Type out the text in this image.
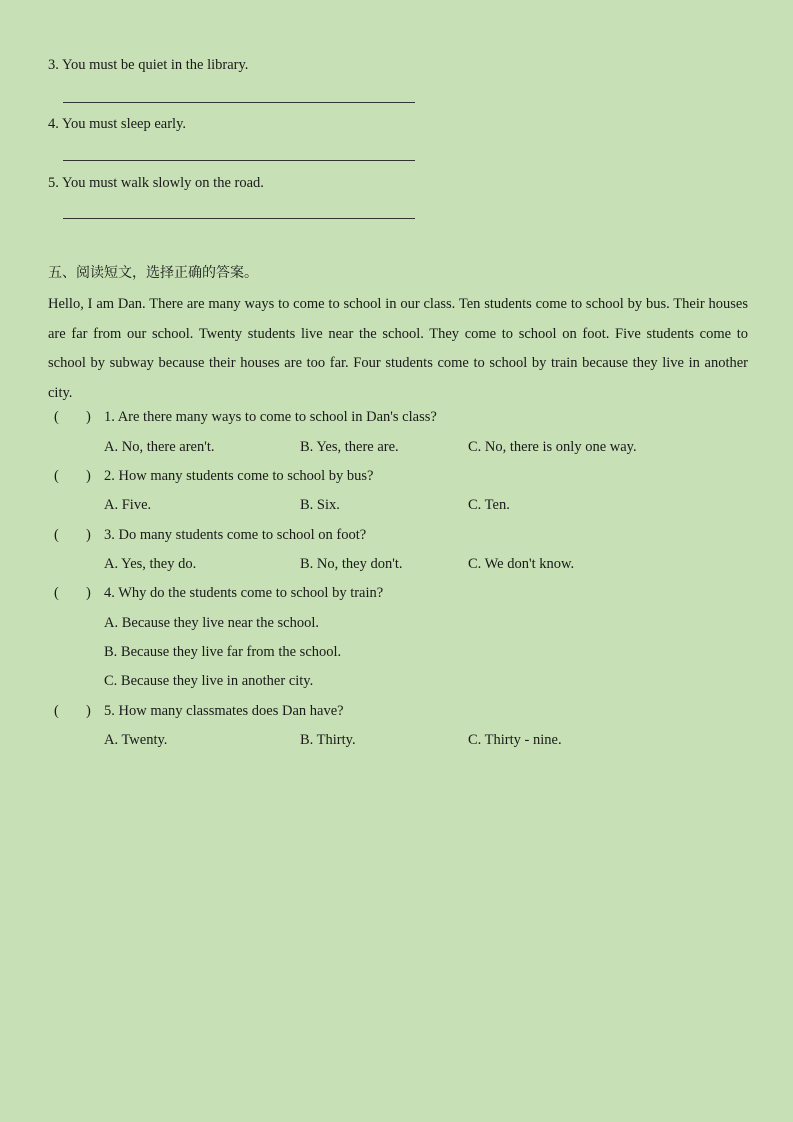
3. You must be quiet in the library.
4. You must sleep early.
5. You must walk slowly on the road.
五、阅读短文，选择正确的答案。
Hello, I am Dan. There are many ways to come to school in our class. Ten students come to school by bus. Their houses are far from our school. Twenty students live near the school. They come to school on foot. Five students come to school by subway because their houses are too far. Four students come to school by train because they live in another city.
( ) 1. Are there many ways to come to school in Dan's class?
A. No, there aren't.	B. Yes, there are.	C. No, there is only one way.
( ) 2. How many students come to school by bus?
A. Five.	B. Six.	C. Ten.
( ) 3. Do many students come to school on foot?
A. Yes, they do.	B. No, they don't.	C. We don't know.
( ) 4. Why do the students come to school by train?
A. Because they live near the school.
B. Because they live far from the school.
C. Because they live in another city.
( ) 5. How many classmates does Dan have?
A. Twenty.	B. Thirty.	C. Thirty - nine.
